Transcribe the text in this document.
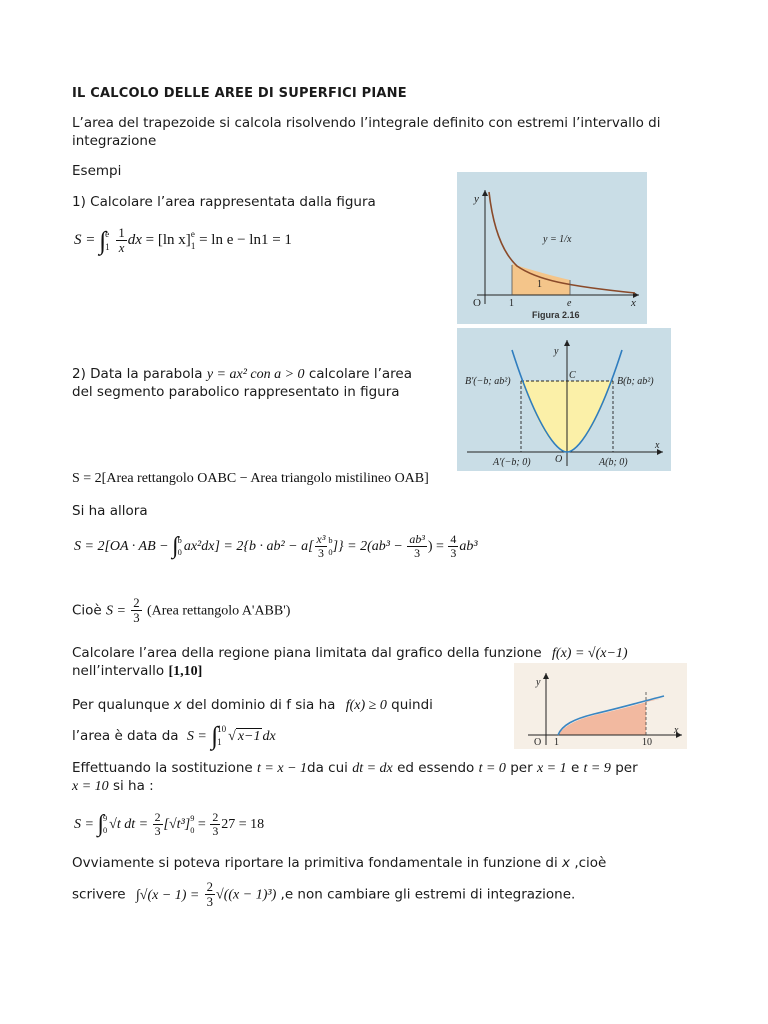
IL CALCOLO DELLE AREE DI SUPERFICI PIANE
L’area del trapezoide si calcola risolvendo l’integrale definito con estremi l’intervallo di
integrazione
Esempi
1) Calcolare l’area rappresentata dalla figura
S = ∫ e
1
$\frac{1}{x}$ dx = [ln x] e
1 = ln e − ln1 = 1
y
x
O	1	e
1
y = 1/x
Figura 2.16
2) Data la parabola y = ax² con a > 0 calcolare l’area
del segmento parabolico rappresentato in figura
y
x
B′(−b; ab²)
C
B(b; ab²)
A′(−b; 0) O	A(b; 0)
S = 2[Area rettangolo OABC − Area triangolo mistilineo OAB]
Si ha allora
S = 2[OA · AB − ∫ b
0 $ax^2dx] = 2\{b \cdot ab^2 - a[ \frac{\text{x³}}{3}$ b
0 ]} = $2(ab^3 - \frac{\text{ab³}}{3}$ ) = $\frac{4}{3} ab^3$
Cioè $S = \frac{2}{3}$ (Area rettangolo A'ABB')
Calcolare l’area della regione piana limitata dal grafico della funzione f(x) = √(x−1)
nell’intervallo [1,10]
y
O 1	10
x
Per qualunque x del dominio di f sia ha f(x) ≥ 0 quindi
l’area è data da S = ∫ 10
1 √ x−1 dx
Effettuando la sostituzione t = x − 1da cui dt = dx ed essendo t = 0 per x = 1 e t = 9 per
x = 10 si ha :
S = ∫ 9
0 √t dt = $\frac{2}{3} [√t^3]$ 9
$0 = \frac{2}{3} 27 = 18$
Ovviamente si poteva riportare la primitiva fondamentale in funzione di x ,cioè
scrivere $\int√(x - 1) = \frac{2}{3} √((x - 1)^3)$ ,e non cambiare gli estremi di integrazione.
